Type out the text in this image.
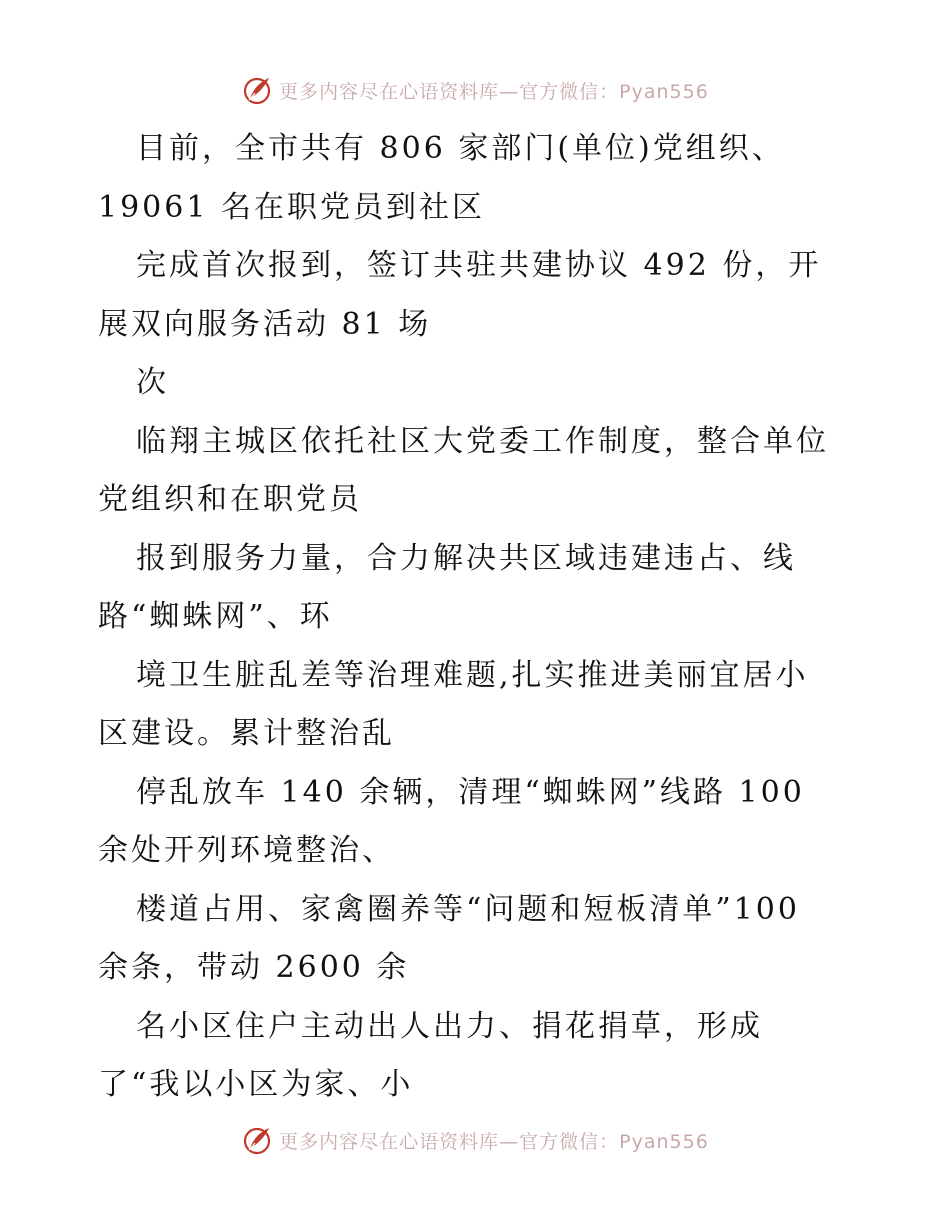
更多内容尽在心语资料库—官方微信：Pyan556
目前，全市共有 806 家部门(单位)党组织、
19061 名在职党员到社区
完成首次报到，签订共驻共建协议 492 份，开
展双向服务活动 81 场
次
临翔主城区依托社区大党委工作制度，整合单位
党组织和在职党员
报到服务力量，合力解决共区域违建违占、线
路“蜘蛛网”、环
境卫生脏乱差等治理难题,扎实推进美丽宜居小
区建设。累计整治乱
停乱放车 140 余辆，清理“蜘蛛网”线路 100
余处开列环境整治、
楼道占用、家禽圈养等“问题和短板清单”100
余条，带动 2600 余
名小区住户主动出人出力、捐花捐草，形成
了“我以小区为家、小
更多内容尽在心语资料库—官方微信：Pyan556
